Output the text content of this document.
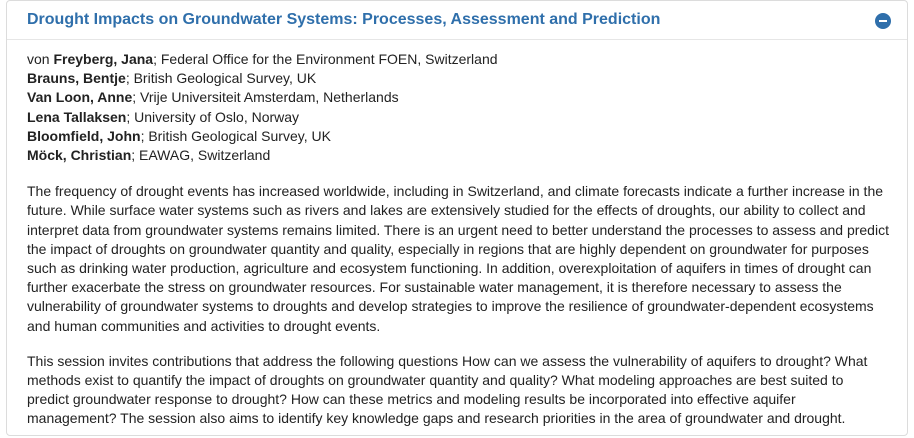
Drought Impacts on Groundwater Systems: Processes, Assessment and Prediction
von Freyberg, Jana; Federal Office for the Environment FOEN, Switzerland
Brauns, Bentje; British Geological Survey, UK
Van Loon, Anne; Vrije Universiteit Amsterdam, Netherlands
Lena Tallaksen; University of Oslo, Norway
Bloomfield, John; British Geological Survey, UK
Möck, Christian; EAWAG, Switzerland

The frequency of drought events has increased worldwide, including in Switzerland, and climate forecasts indicate a further increase in the future. While surface water systems such as rivers and lakes are extensively studied for the effects of droughts, our ability to collect and interpret data from groundwater systems remains limited. There is an urgent need to better understand the processes to assess and predict the impact of droughts on groundwater quantity and quality, especially in regions that are highly dependent on groundwater for purposes such as drinking water production, agriculture and ecosystem functioning. In addition, overexploitation of aquifers in times of drought can further exacerbate the stress on groundwater resources. For sustainable water management, it is therefore necessary to assess the vulnerability of groundwater systems to droughts and develop strategies to improve the resilience of groundwater-dependent ecosystems and human communities and activities to drought events.

This session invites contributions that address the following questions How can we assess the vulnerability of aquifers to drought? What methods exist to quantify the impact of droughts on groundwater quantity and quality? What modeling approaches are best suited to predict groundwater response to drought? How can these metrics and modeling results be incorporated into effective aquifer management? The session also aims to identify key knowledge gaps and research priorities in the area of groundwater and drought.
